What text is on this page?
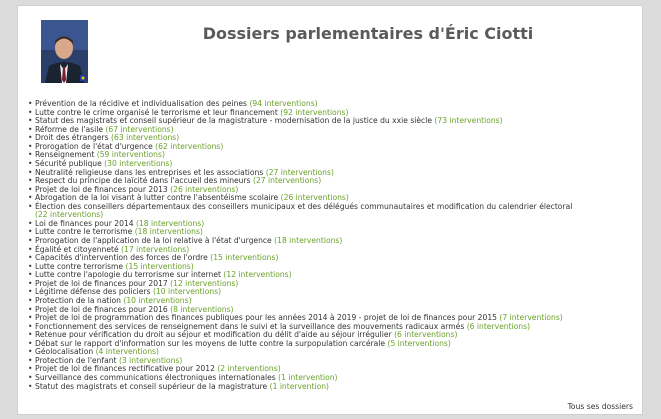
Dossiers parlementaires d'Éric Ciotti
• Prévention de la récidive et individualisation des peines (94 interventions)
• Lutte contre le crime organisé le terrorisme et leur financement (92 interventions)
• Statut des magistrats et conseil supérieur de la magistrature - modernisation de la justice du xxie siècle (73 interventions)
• Réforme de l'asile (67 interventions)
• Droit des étrangers (63 interventions)
• Prorogation de l'état d'urgence (62 interventions)
• Renseignement (59 interventions)
• Sécurité publique (30 interventions)
• Neutralité religieuse dans les entreprises et les associations (27 interventions)
• Respect du principe de laïcité dans l'accueil des mineurs (27 interventions)
• Projet de loi de finances pour 2013 (26 interventions)
• Abrogation de la loi visant à lutter contre l'absentéisme scolaire (26 interventions)
• Élection des conseillers départementaux des conseillers municipaux et des délégués communautaires et modification du calendrier électoral
(22 interventions)
• Loi de finances pour 2014 (18 interventions)
• Lutte contre le terrorisme (18 interventions)
• Prorogation de l'application de la loi relative à l'état d'urgence (18 interventions)
• Égalité et citoyenneté (17 interventions)
• Capacités d'intervention des forces de l'ordre (15 interventions)
• Lutte contre terrorisme (15 interventions)
• Lutte contre l'apologie du terrorisme sur internet (12 interventions)
• Projet de loi de finances pour 2017 (12 interventions)
• Légitime défense des policiers (10 interventions)
• Protection de la nation (10 interventions)
• Projet de loi de finances pour 2016 (8 interventions)
• Projet de loi de programmation des finances publiques pour les années 2014 à 2019 - projet de loi de finances pour 2015 (7 interventions)
• Fonctionnement des services de renseignement dans le suivi et la surveillance des mouvements radicaux armés (6 interventions)
• Retenue pour vérification du droit au séjour et modification du délit d'aide au séjour irrégulier (6 interventions)
• Débat sur le rapport d'information sur les moyens de lutte contre la surpopulation carcérale (5 interventions)
• Géolocalisation (4 interventions)
• Protection de l'enfant (3 interventions)
• Projet de loi de finances rectificative pour 2012 (2 interventions)
• Surveillance des communications électroniques internationales (1 intervention)
• Statut des magistrats et conseil supérieur de la magistrature (1 intervention)
Tous ses dossiers
